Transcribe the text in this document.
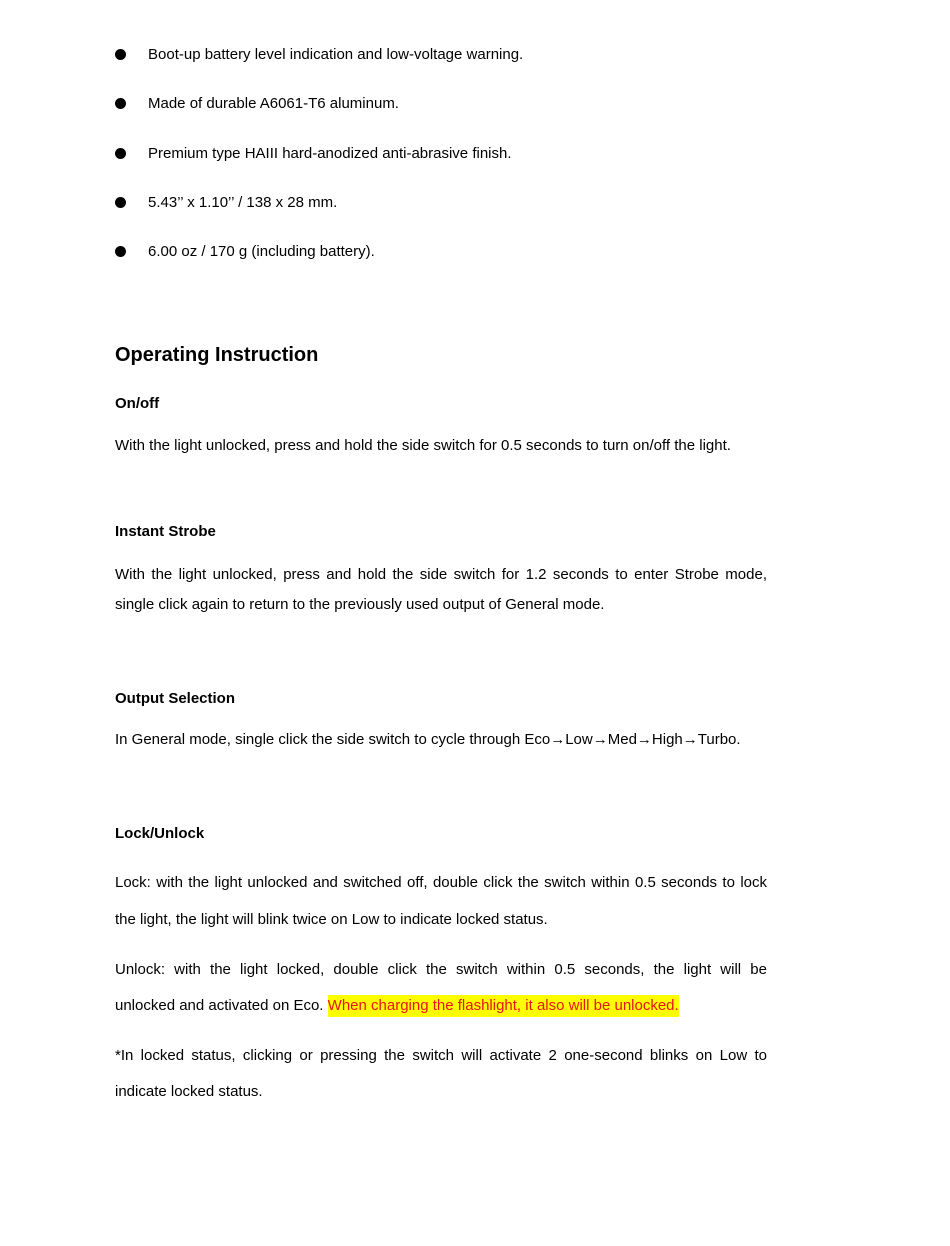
Boot-up battery level indication and low-voltage warning.
Made of durable A6061-T6 aluminum.
Premium type HAIII hard-anodized anti-abrasive finish.
5.43’’ x 1.10’’ / 138 x 28 mm.
6.00 oz / 170 g (including battery).
Operating Instruction
On/off
With the light unlocked, press and hold the side switch for 0.5 seconds to turn on/off the light.
Instant Strobe
With the light unlocked, press and hold the side switch for 1.2 seconds to enter Strobe mode,
single click again to return to the previously used output of General mode.
Output Selection
In General mode, single click the side switch to cycle through Eco→Low→Med→High→Turbo.
Lock/Unlock
Lock: with the light unlocked and switched off, double click the switch within 0.5 seconds to lock
the light, the light will blink twice on Low to indicate locked status.
Unlock: with the light locked, double click the switch within 0.5 seconds, the light will be
unlocked and activated on Eco. When charging the flashlight, it also will be unlocked.
*In locked status, clicking or pressing the switch will activate 2 one-second blinks on Low to
indicate locked status.
